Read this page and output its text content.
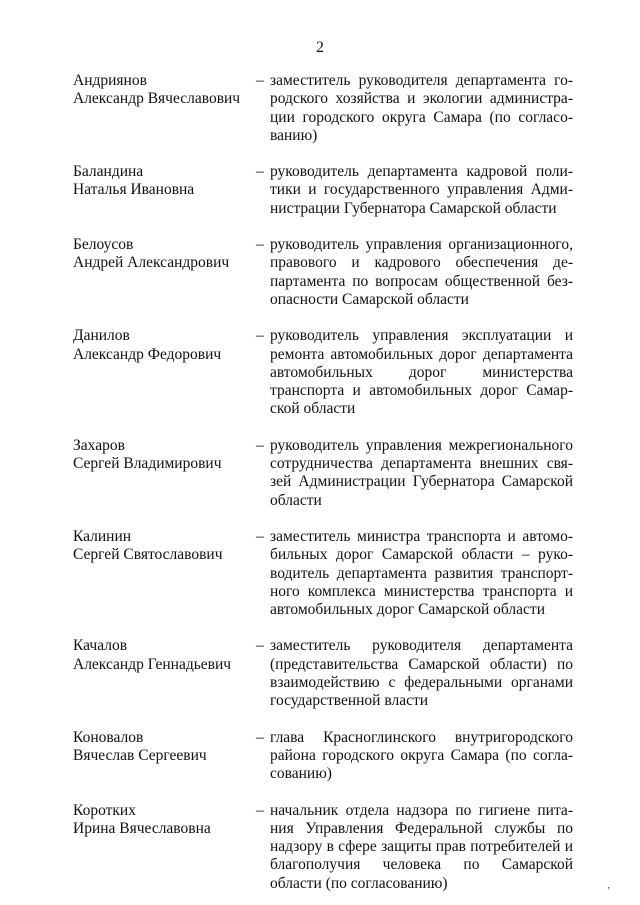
2
Андриянов
Александр Вячеславович
– заместитель руководителя департамента городского хозяйства и экологии администрации городского округа Самара (по согласованию)
Баландина
Наталья Ивановна
– руководитель департамента кадровой политики и государственного управления Администрации Губернатора Самарской области
Белоусов
Андрей Александрович
– руководитель управления организационного, правового и кадрового обеспечения департамента по вопросам общественной безопасности Самарской области
Данилов
Александр Федорович
– руководитель управления эксплуатации и ремонта автомобильных дорог департамента автомобильных дорог министерства транспорта и автомобильных дорог Самарской области
Захаров
Сергей Владимирович
– руководитель управления межрегионального сотрудничества департамента внешних связей Администрации Губернатора Самарской области
Калинин
Сергей Святославович
– заместитель министра транспорта и автомобильных дорог Самарской области – руководитель департамента развития транспортного комплекса министерства транспорта и автомобильных дорог Самарской области
Качалов
Александр Геннадьевич
– заместитель руководителя департамента (представительства Самарской области) по взаимодействию с федеральными органами государственной власти
Коновалов
Вячеслав Сергеевич
– глава Красноглинского внутригородского района городского округа Самара (по согласованию)
Коротких
Ирина Вячеславовна
– начальник отдела надзора по гигиене питания Управления Федеральной службы по надзору в сфере защиты прав потребителей и благополучия человека по Самарской области (по согласованию)	,
